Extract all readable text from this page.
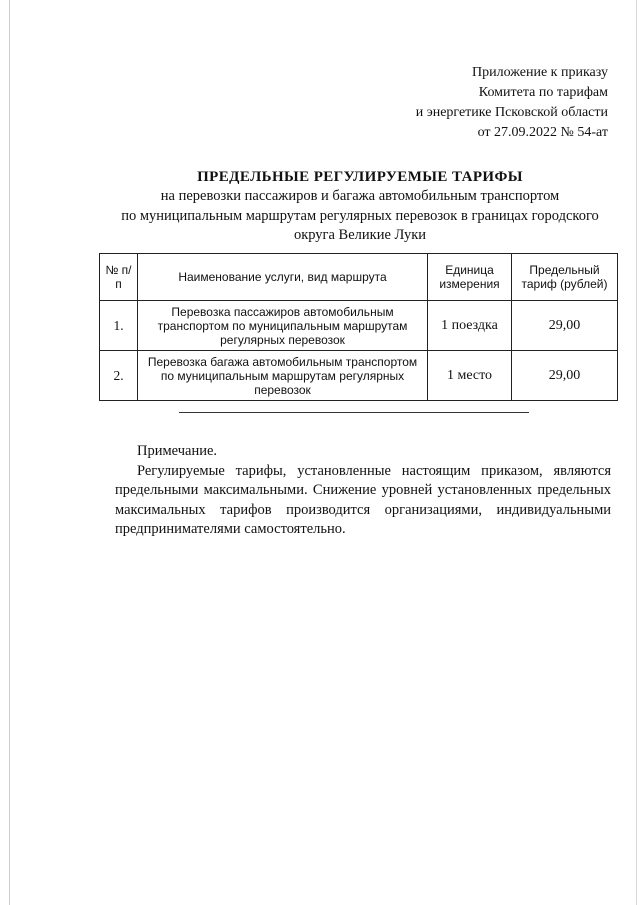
Приложение к приказу
Комитета по тарифам
и энергетике Псковской области
от 27.09.2022 № 54-ат
ПРЕДЕЛЬНЫЕ РЕГУЛИРУЕМЫЕ ТАРИФЫ
на перевозки пассажиров и багажа автомобильным транспортом
по муниципальным маршрутам регулярных перевозок в границах городского
округа Великие Луки
№ п/п	Наименование услуги, вид маршрута	Единица измерения	Предельный тариф (рублей)
1.	Перевозка пассажиров автомобильным транспортом по муниципальным маршрутам регулярных перевозок	1 поездка	29,00
2.	Перевозка багажа автомобильным транспортом по муниципальным маршрутам регулярных перевозок	1 место	29,00
Примечание.
Регулируемые тарифы, установленные настоящим приказом, являются предельными максимальными. Снижение уровней установленных предельных максимальных тарифов производится организациями, индивидуальными предпринимателями самостоятельно.
